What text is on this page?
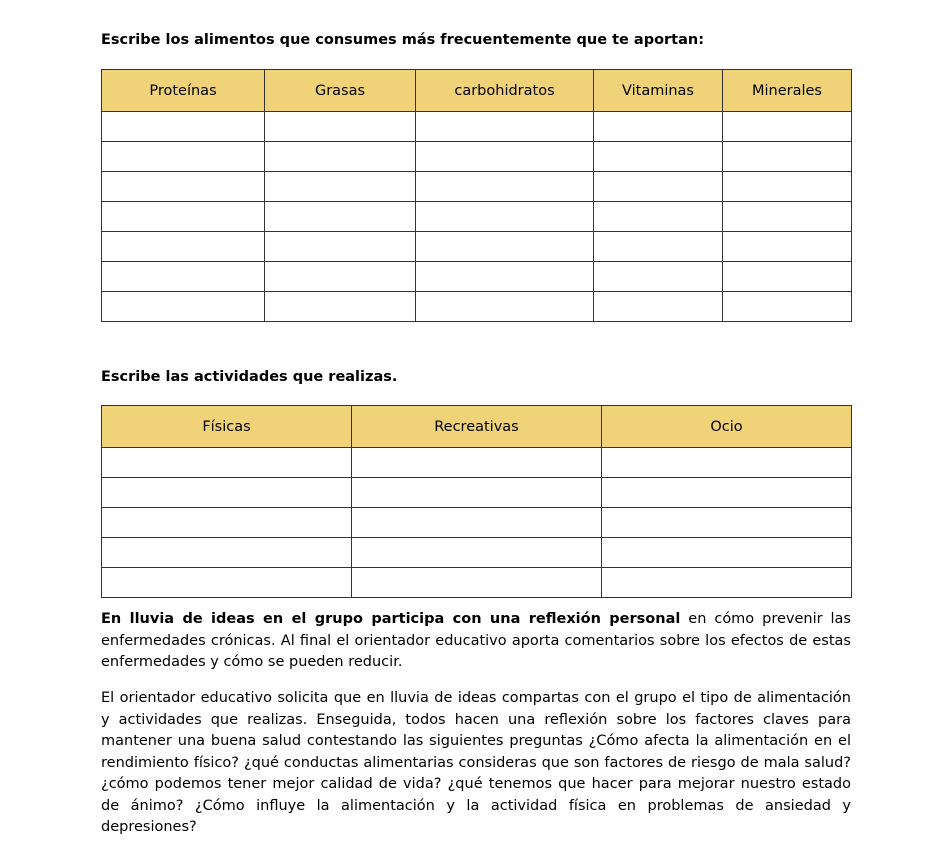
Escribe los alimentos que consumes más frecuentemente que te aportan:

Proteínas	Grasas	carbohidratos	Vitaminas	Minerales

Escribe las actividades que realizas.

Físicas	Recreativas	Ocio

En lluvia de ideas en el grupo participa con una reflexión personal en cómo prevenir las enfermedades crónicas. Al final el orientador educativo aporta comentarios sobre los efectos de estas enfermedades y cómo se pueden reducir.

El orientador educativo solicita que en lluvia de ideas compartas con el grupo el tipo de alimentación y actividades que realizas. Enseguida, todos hacen una reflexión sobre los factores claves para mantener una buena salud contestando las siguientes preguntas ¿Cómo afecta la alimentación en el rendimiento físico? ¿qué conductas alimentarias consideras que son factores de riesgo de mala salud? ¿cómo podemos tener mejor calidad de vida? ¿qué tenemos que hacer para mejorar nuestro estado de ánimo? ¿Cómo influye la alimentación y la actividad física en problemas de ansiedad y depresiones?
